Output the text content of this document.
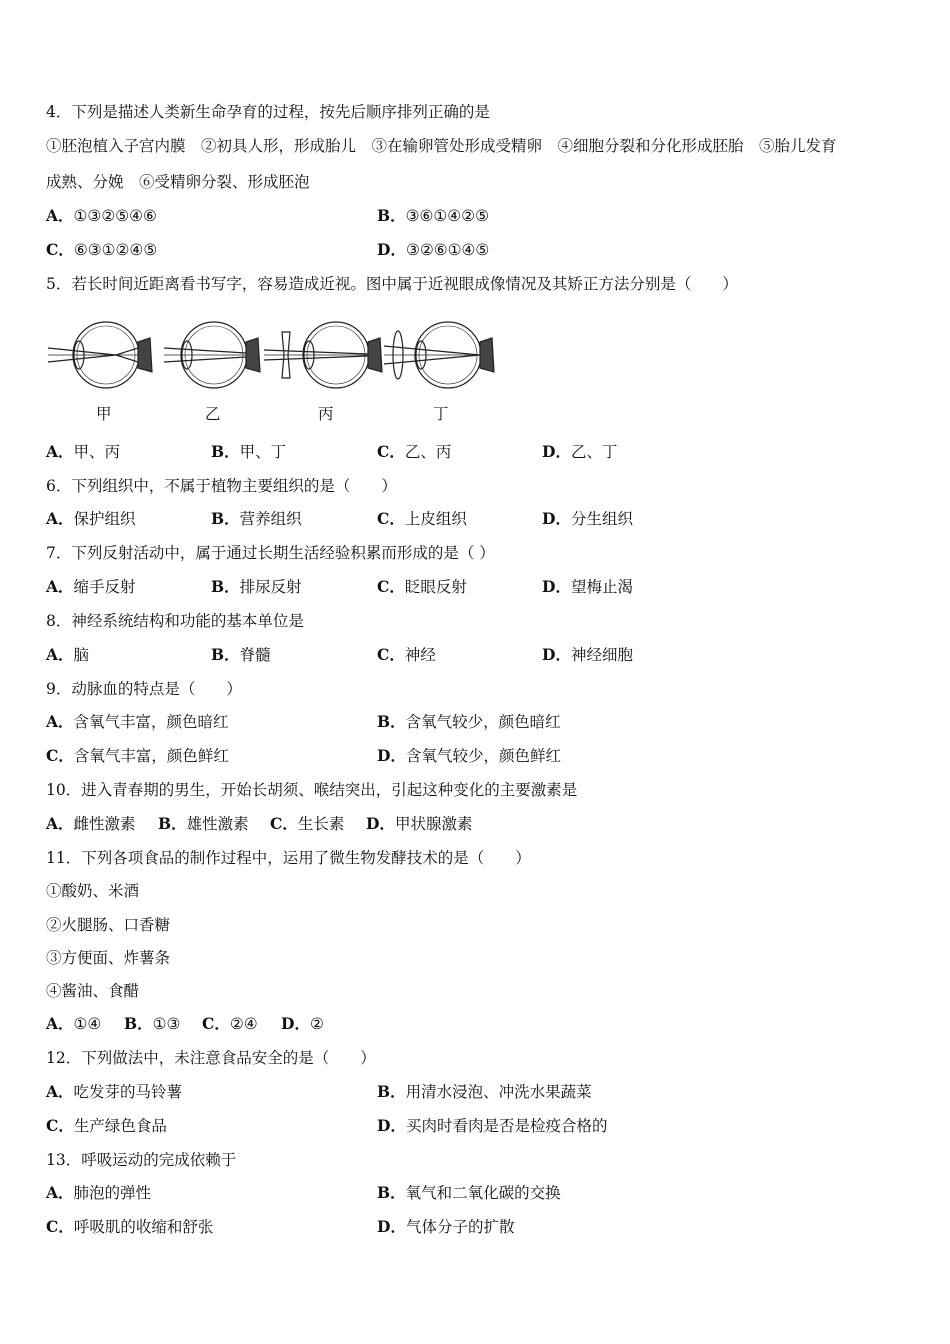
4．下列是描述人类新生命孕育的过程，按先后顺序排列正确的是
①胚泡植入子宫内膜　②初具人形，形成胎儿　③在输卵管处形成受精卵　④细胞分裂和分化形成胚胎　⑤胎儿发育
成熟、分娩　⑥受精卵分裂、形成胚泡
A．①③②⑤④⑥	B．③⑥①④②⑤
C．⑥③①②④⑤	D．③②⑥①④⑤
5．若长时间近距离看书写字，容易造成近视。图中属于近视眼成像情况及其矫正方法分别是（　　）
甲	乙	丙	丁
A．甲、丙	B．甲、丁	C．乙、丙	D．乙、丁
6．下列组织中，不属于植物主要组织的是（　　）
A．保护组织	B．营养组织	C．上皮组织	D．分生组织
7．下列反射活动中，属于通过长期生活经验积累而形成的是（ ）
A．缩手反射	B．排尿反射	C．眨眼反射	D．望梅止渴
8．神经系统结构和功能的基本单位是
A．脑	B．脊髓	C．神经	D．神经细胞
9．动脉血的特点是（　　）
A．含氧气丰富，颜色暗红	B．含氧气较少，颜色暗红
C．含氧气丰富，颜色鲜红	D．含氧气较少，颜色鲜红
10．进入青春期的男生，开始长胡须、喉结突出，引起这种变化的主要激素是
A．雌性激素 B．雄性激素 C．生长素 D．甲状腺激素
11．下列各项食品的制作过程中，运用了微生物发酵技术的是（　　）
①酸奶、米酒
②火腿肠、口香糖
③方便面、炸薯条
④酱油、食醋
A．①④ B．①③ C．②④ D．②
12．下列做法中，未注意食品安全的是（　　）
A．吃发芽的马铃薯	B．用清水浸泡、冲洗水果蔬菜
C．生产绿色食品	D．买肉时看肉是否是检疫合格的
13．呼吸运动的完成依赖于
A．肺泡的弹性	B．氧气和二氧化碳的交换
C．呼吸肌的收缩和舒张	D．气体分子的扩散
